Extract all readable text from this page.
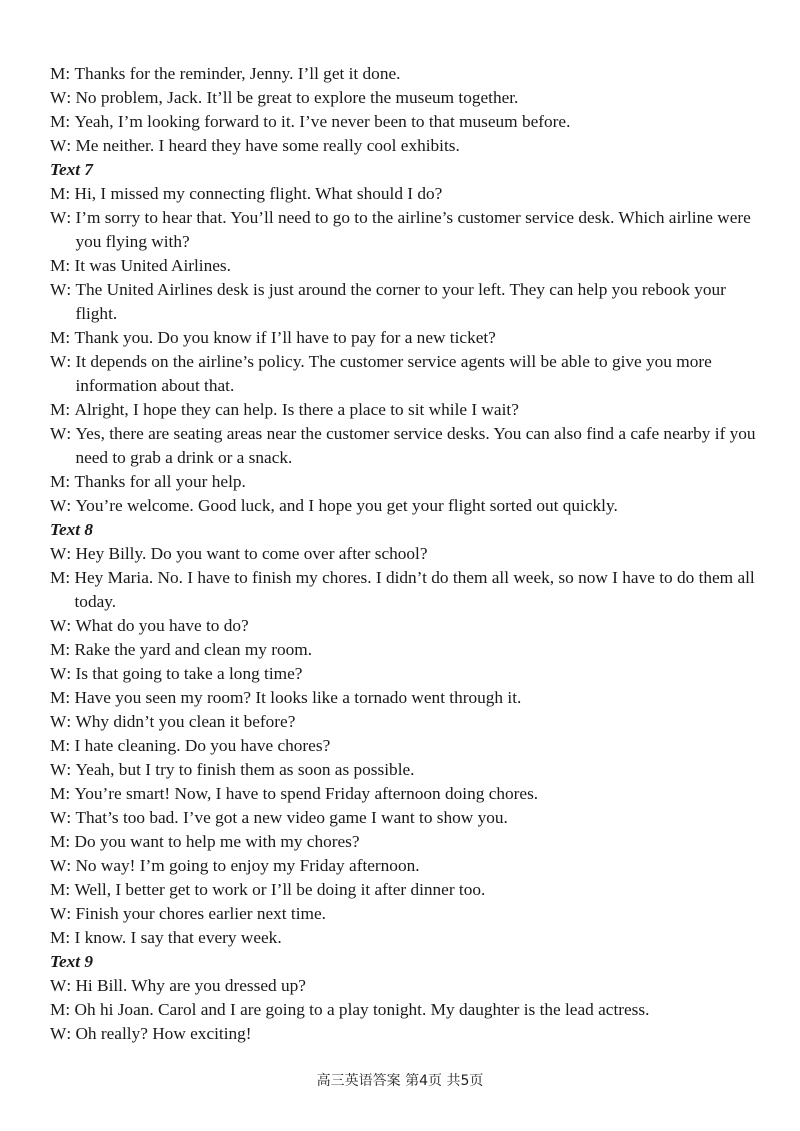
M : Thanks for the reminder, Jenny. I’ll get it done.
W : No problem, Jack. It’ll be great to explore the museum together.
M : Yeah, I’m looking forward to it. I’ve never been to that museum before.
W : Me neither. I heard they have some really cool exhibits.
Text 7
M : Hi, I missed my connecting flight. What should I do?
W : I’m sorry to hear that. You’ll need to go to the airline’s customer service desk. Which airline were you flying with?
M : It was United Airlines.
W : The United Airlines desk is just around the corner to your left. They can help you rebook your flight.
M : Thank you. Do you know if I’ll have to pay for a new ticket?
W : It depends on the airline’s policy. The customer service agents will be able to give you more information about that.
M : Alright, I hope they can help. Is there a place to sit while I wait?
W : Yes, there are seating areas near the customer service desks. You can also find a cafe nearby if you need to grab a drink or a snack.
M : Thanks for all your help.
W : You’re welcome. Good luck, and I hope you get your flight sorted out quickly.
Text 8
W : Hey Billy. Do you want to come over after school?
M : Hey Maria. No. I have to finish my chores. I didn’t do them all week, so now I have to do them all today.
W : What do you have to do?
M : Rake the yard and clean my room.
W : Is that going to take a long time?
M : Have you seen my room? It looks like a tornado went through it.
W : Why didn’t you clean it before?
M : I hate cleaning. Do you have chores?
W : Yeah, but I try to finish them as soon as possible.
M : You’re smart! Now, I have to spend Friday afternoon doing chores.
W : That’s too bad. I’ve got a new video game I want to show you.
M : Do you want to help me with my chores?
W : No way! I’m going to enjoy my Friday afternoon.
M : Well, I better get to work or I’ll be doing it after dinner too.
W : Finish your chores earlier next time.
M : I know. I say that every week.
Text 9
W : Hi Bill. Why are you dressed up?
M : Oh hi Joan. Carol and I are going to a play tonight. My daughter is the lead actress.
W : Oh really? How exciting!
高三英语答案 第4页 共5页
